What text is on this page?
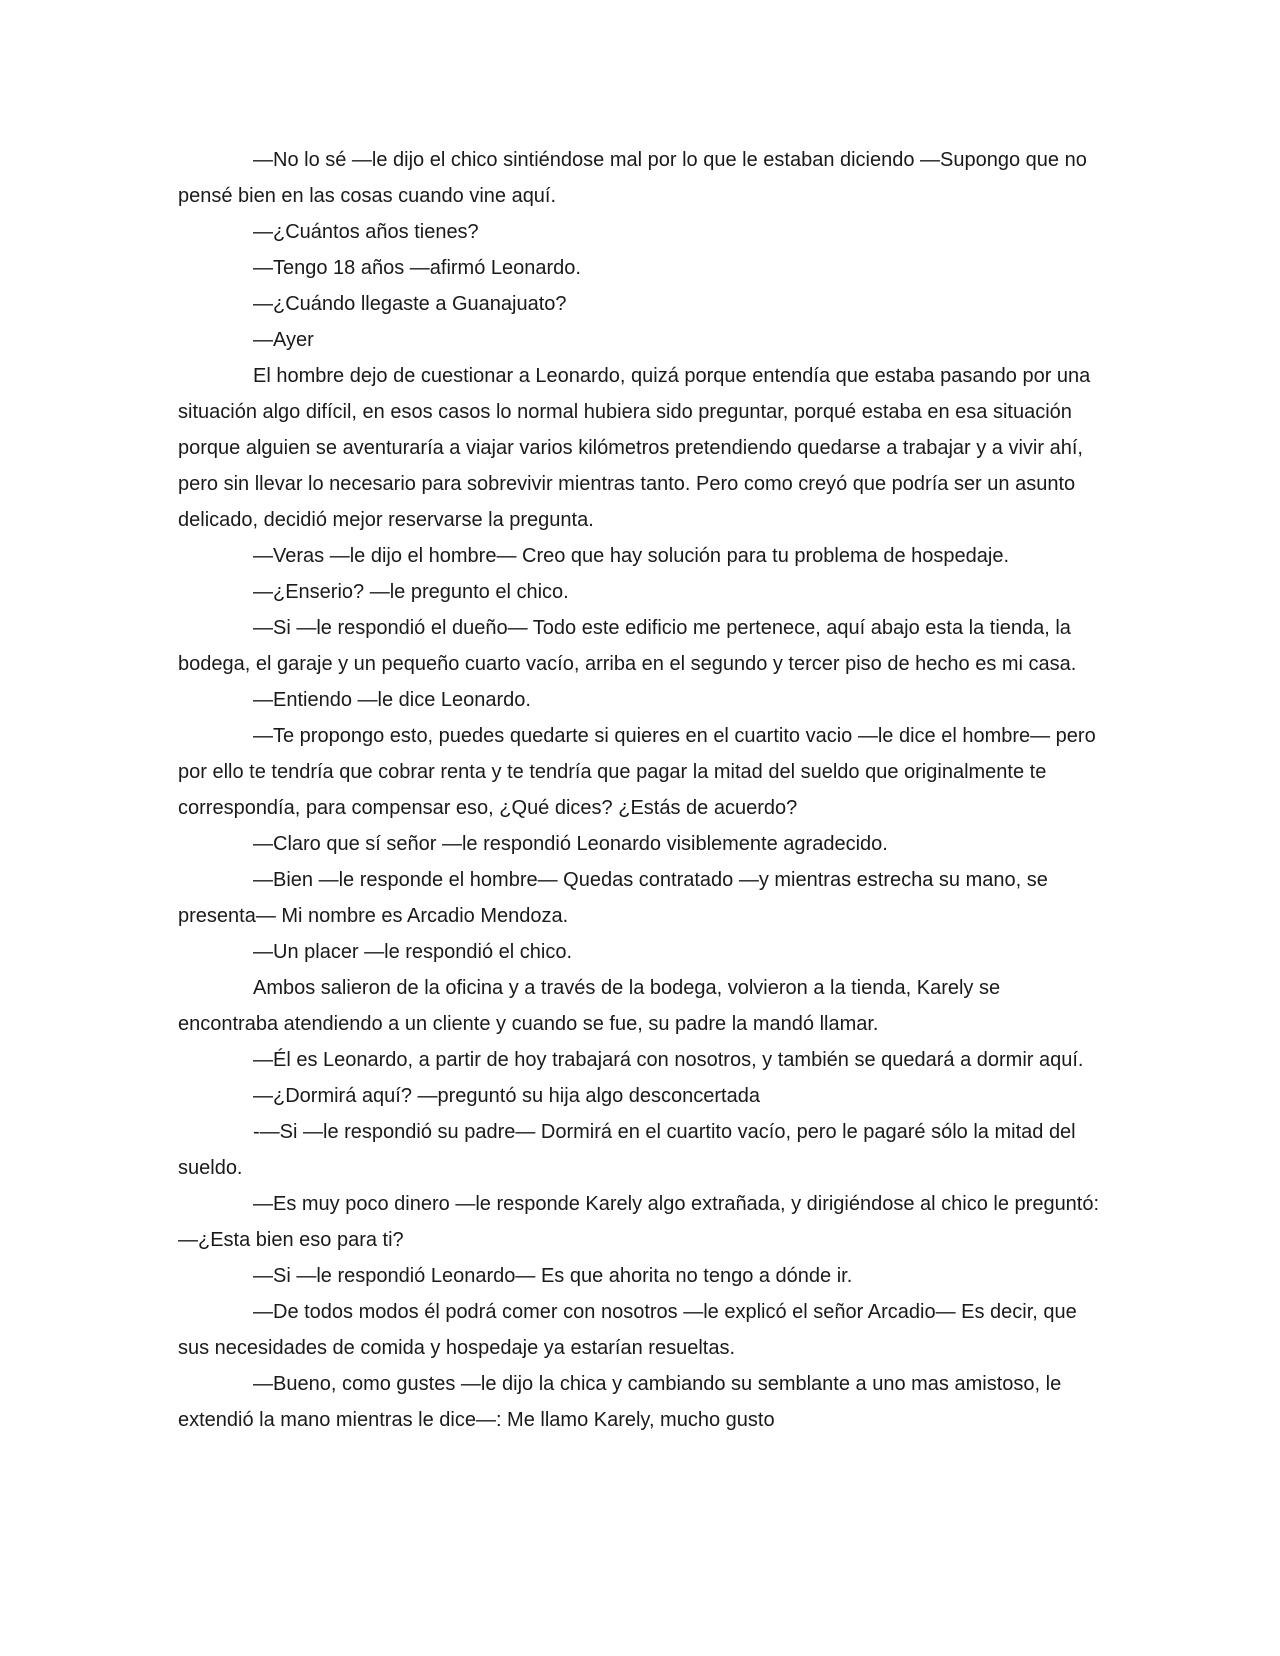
—No lo sé —le dijo el chico sintiéndose mal por lo que le estaban diciendo —Supongo que no pensé bien en las cosas cuando vine aquí.

—¿Cuántos años tienes?

—Tengo 18 años —afirmó Leonardo.

—¿Cuándo llegaste a Guanajuato?

—Ayer

El hombre dejo de cuestionar a Leonardo, quizá porque entendía que estaba pasando por una situación algo difícil, en esos casos lo normal hubiera sido preguntar, porqué estaba en esa situación porque alguien se aventuraría a viajar varios kilómetros pretendiendo quedarse a trabajar y a vivir ahí, pero sin llevar lo necesario para sobrevivir mientras tanto. Pero como creyó que podría ser un asunto delicado, decidió mejor reservarse la pregunta.

—Veras —le dijo el hombre— Creo que hay solución para tu problema de hospedaje.

—¿Enserio? —le pregunto el chico.

—Si —le respondió el dueño— Todo este edificio me pertenece, aquí abajo esta la tienda, la bodega, el garaje y un pequeño cuarto vacío, arriba en el segundo y tercer piso de hecho es mi casa.

—Entiendo —le dice Leonardo.

—Te propongo esto, puedes quedarte si quieres en el cuartito vacio —le dice el hombre— pero por ello te tendría que cobrar renta y te tendría que pagar la mitad del sueldo que originalmente te correspondía, para compensar eso, ¿Qué dices? ¿Estás de acuerdo?

—Claro que sí señor —le respondió Leonardo visiblemente agradecido.

—Bien —le responde el hombre— Quedas contratado —y mientras estrecha su mano, se presenta— Mi nombre es Arcadio Mendoza.

—Un placer —le respondió el chico.

Ambos salieron de la oficina y a través de la bodega, volvieron a la tienda, Karely se encontraba atendiendo a un cliente y cuando se fue, su padre la mandó llamar.

—Él es Leonardo, a partir de hoy trabajará con nosotros, y también se quedará a dormir aquí.

—¿Dormirá aquí? —preguntó su hija algo desconcertada

-—Si —le respondió su padre— Dormirá en el cuartito vacío, pero le pagaré sólo la mitad del sueldo.

—Es muy poco dinero —le responde Karely algo extrañada, y dirigiéndose al chico le preguntó: —¿Esta bien eso para ti?

—Si —le respondió Leonardo— Es que ahorita no tengo a dónde ir.

—De todos modos él podrá comer con nosotros —le explicó el señor Arcadio— Es decir, que sus necesidades de comida y hospedaje ya estarían resueltas.

—Bueno, como gustes —le dijo la chica y cambiando su semblante a uno mas amistoso, le extendió la mano mientras le dice—: Me llamo Karely, mucho gusto
